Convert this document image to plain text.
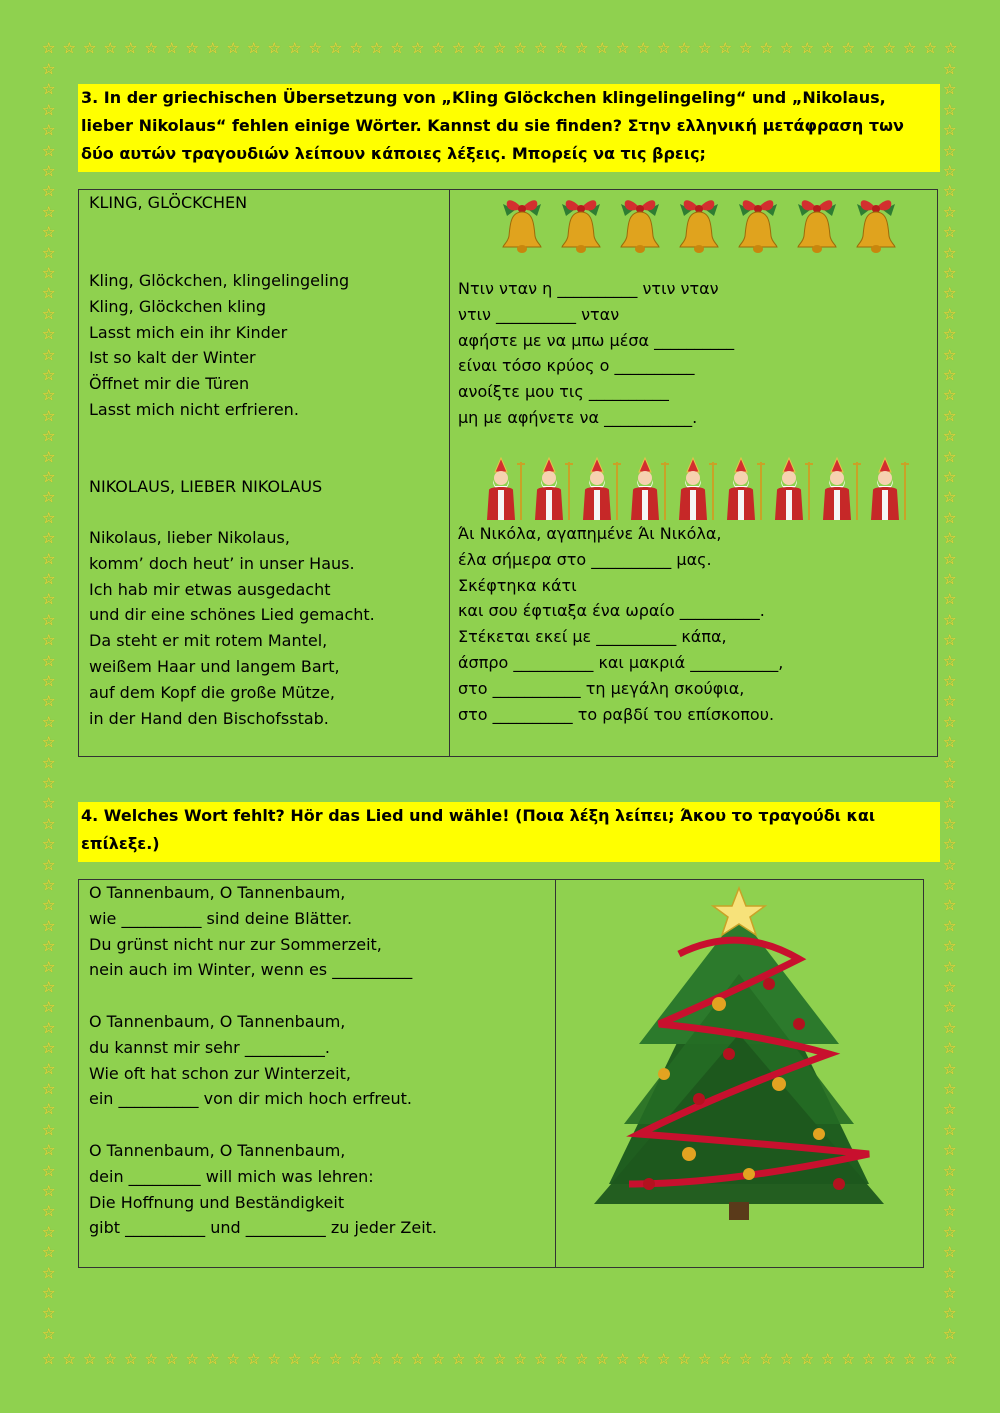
☆
☆
☆
☆
☆
☆
☆
☆
☆
☆
☆
☆
☆
☆
☆
☆
☆
☆
☆
☆
☆
☆
☆
☆
☆
☆
☆
☆
☆
☆
☆
☆
☆
☆
☆
☆
☆
☆
☆
☆
☆
☆
☆
☆
☆
☆
☆
☆
☆
☆
☆
☆
☆
☆
☆
☆
☆
☆
☆
☆
☆
☆
☆
☆
☆
☆
☆
☆
☆
☆
☆
☆
☆
☆
☆
☆
☆
☆
☆
☆
☆
☆
☆
☆
☆
☆
☆
☆
☆
☆
☆	☆
☆	☆
☆	☆
☆	☆
☆	☆
☆	☆
☆	☆
☆	☆
☆	☆
☆	☆
☆	☆
☆	☆
☆	☆
☆	☆
☆	☆
☆	☆
☆	☆
☆	☆
☆	☆
☆	☆
☆	☆
☆	☆
☆	☆
☆	☆
☆	☆
☆	☆
☆	☆
☆	☆
☆	☆
☆	☆
☆	☆
☆	☆
☆	☆
☆	☆
☆	☆
☆	☆
☆	☆
☆	☆
☆	☆
☆	☆
☆	☆
☆	☆
☆	☆
☆	☆
☆	☆
☆	☆
☆	☆
☆	☆
☆	☆
☆	☆
☆	☆
☆	☆
☆	☆
☆	☆
☆	☆
☆	☆
☆	☆
☆	☆
☆	☆
☆	☆
☆	☆
☆	☆
☆	☆
3. In der griechischen Übersetzung von „Kling Glöckchen klingelingeling“ und „Nikolaus, lieber Nikolaus“ fehlen einige Wörter. Kannst du sie finden? Στην ελληνική μετάφραση των δύο αυτών τραγουδιών λείπουν κάποιες λέξεις. Μπορείς να τις βρεις;
KLING, GLÖCKCHEN
Kling, Glöckchen, klingelingeling
Kling, Glöckchen kling
Lasst mich ein ihr Kinder
Ist so kalt der Winter
Öffnet mir die Türen
Lasst mich nicht erfrieren.
NIKOLAUS, LIEBER NIKOLAUS
Nikolaus, lieber Nikolaus,
komm’ doch heut’ in unser Haus.
Ich hab mir etwas ausgedacht
und dir eine schönes Lied gemacht.
Da steht er mit rotem Mantel,
weißem Haar und langem Bart,
auf dem Kopf die große Mütze,
in der Hand den Bischofsstab.
Ντιν νταν η __________ ντιν νταν
ντιν __________ νταν
αφήστε με να μπω μέσα __________
είναι τόσο κρύος ο __________
ανοίξτε μου τις __________
μη με αφήνετε να ___________.
Άι Νικόλα, αγαπημένε Άι Νικόλα,
έλα σήμερα στο __________ μας.
Σκέφτηκα κάτι
και σου έφτιαξα ένα ωραίο __________.
Στέκεται εκεί με __________ κάπα,
άσπρο __________ και μακριά ___________,
στο ___________ τη μεγάλη σκούφια,
στο __________ το ραβδί του επίσκοπου.
4. Welches Wort fehlt? Hör das Lied und wähle! (Ποια λέξη λείπει; Άκου το τραγούδι και επίλεξε.)
O Tannenbaum, O Tannenbaum,
wie __________ sind deine Blätter.
Du grünst nicht nur zur Sommerzeit,
nein auch im Winter, wenn es __________

O Tannenbaum, O Tannenbaum,
du kannst mir sehr __________.
Wie oft hat schon zur Winterzeit,
ein __________ von dir mich hoch erfreut.

O Tannenbaum, O Tannenbaum,
dein _________ will mich was lehren:
Die Hoffnung und Beständigkeit
gibt __________ und __________ zu jeder Zeit.
